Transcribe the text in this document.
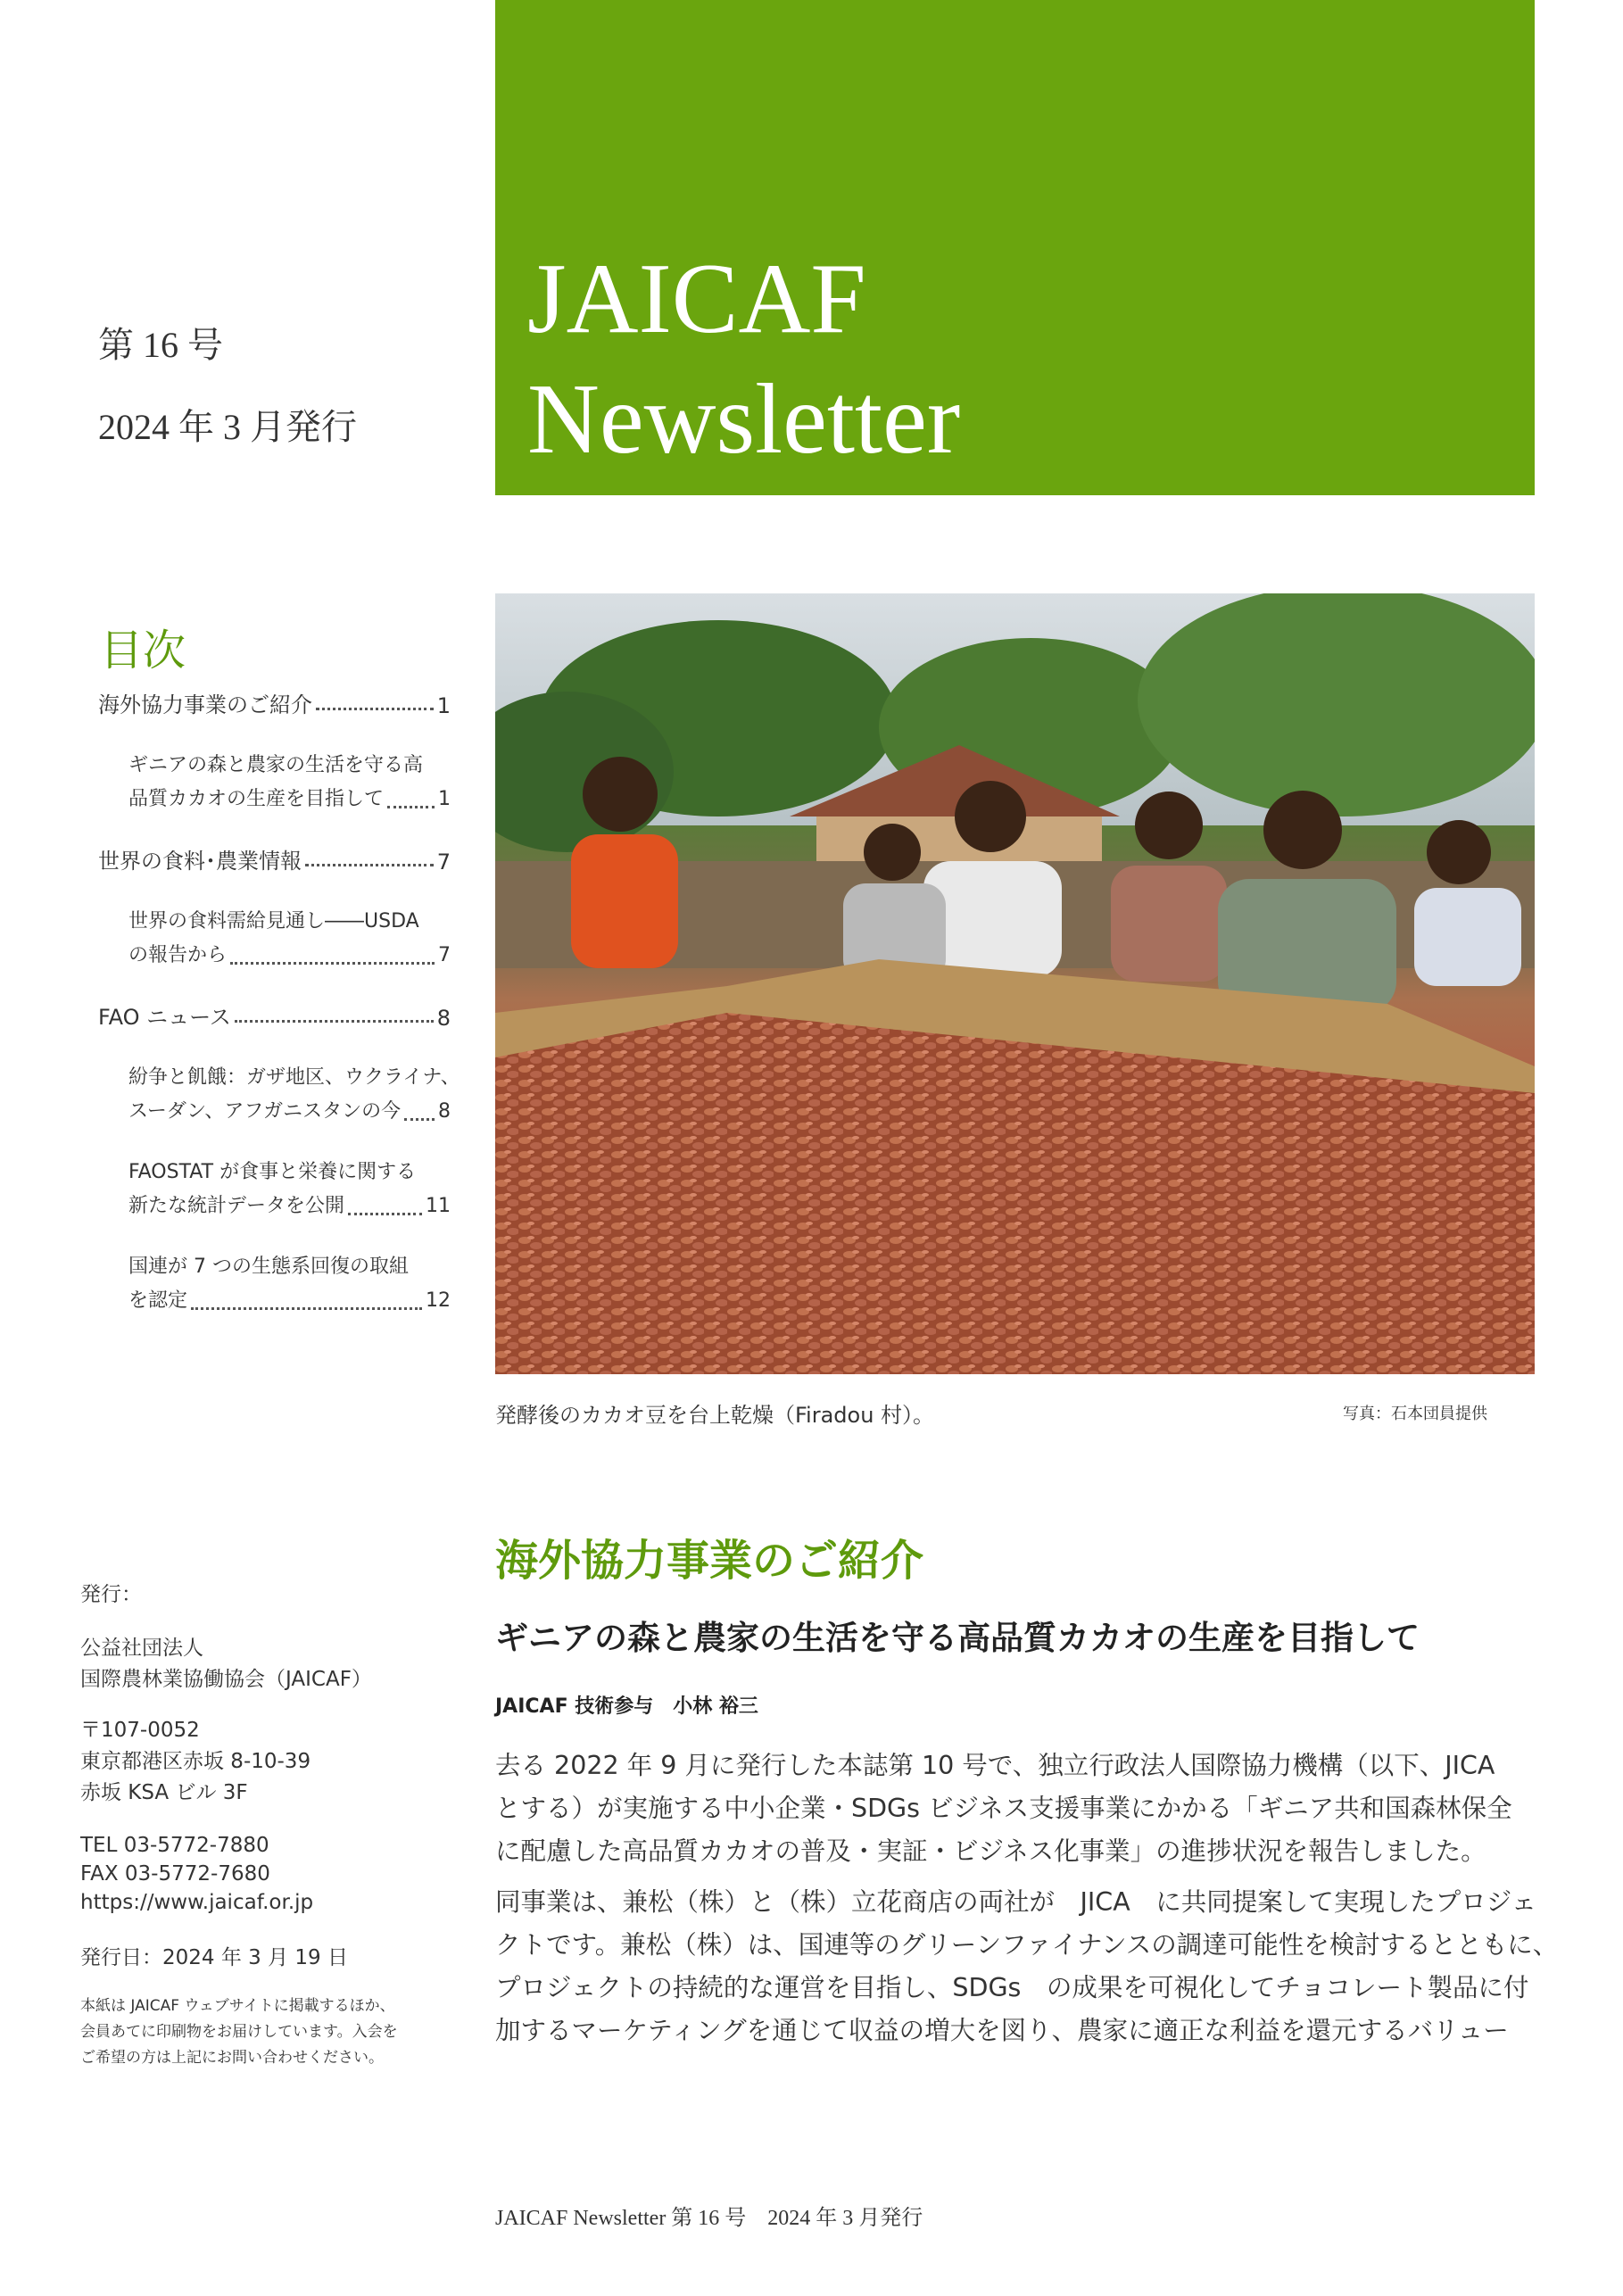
JAICAF
Newsletter
第 16 号
2024 年 3 月発行
目次
海外協力事業のご紹介	1
ギニアの森と農家の生活を守る高
品質カカオの生産を目指して	1
世界の食料･農業情報	7
世界の食料需給見通し――USDA
の報告から	7
FAO ニュース	8
紛争と飢餓：ガザ地区、ウクライナ、
スーダン、アフガニスタンの今 8
FAOSTAT が食事と栄養に関する
新たな統計データを公開	11
国連が 7 つの生態系回復の取組
を認定	12
発酵後のカカオ豆を台上乾燥（Firadou 村）。	写真：石本団員提供
発行：
公益社団法人
国際農林業協働協会（JAICAF）
〒107-0052
東京都港区赤坂 8-10-39
赤坂 KSA ビル 3F
TEL 03-5772-7880
FAX 03-5772-7680
https://www.jaicaf.or.jp
発行日：2024 年 3 月 19 日
本紙は JAICAF ウェブサイトに掲載するほか、
会員あてに印刷物をお届けしています。入会を
ご希望の方は上記にお問い合わせください。
海外協力事業のご紹介
ギニアの森と農家の生活を守る高品質カカオの生産を目指して
JAICAF 技術参与　小林 裕三
去る 2022 年 9 月に発行した本誌第 10 号で、独立行政法人国際協力機構（以下、JICA
とする）が実施する中小企業・SDGs ビジネス支援事業にかかる「ギニア共和国森林保全
に配慮した高品質カカオの普及・実証・ビジネス化事業」の進捗状況を報告しました。
同事業は、兼松（株）と（株）立花商店の両社が　JICA　に共同提案して実現したプロジェ
クトです。兼松（株）は、国連等のグリーンファイナンスの調達可能性を検討するとともに、
プロジェクトの持続的な運営を目指し、SDGs　の成果を可視化してチョコレート製品に付
加するマーケティングを通じて収益の増大を図り、農家に適正な利益を還元するバリュー
JAICAF Newsletter 第 16 号　2024 年 3 月発行
